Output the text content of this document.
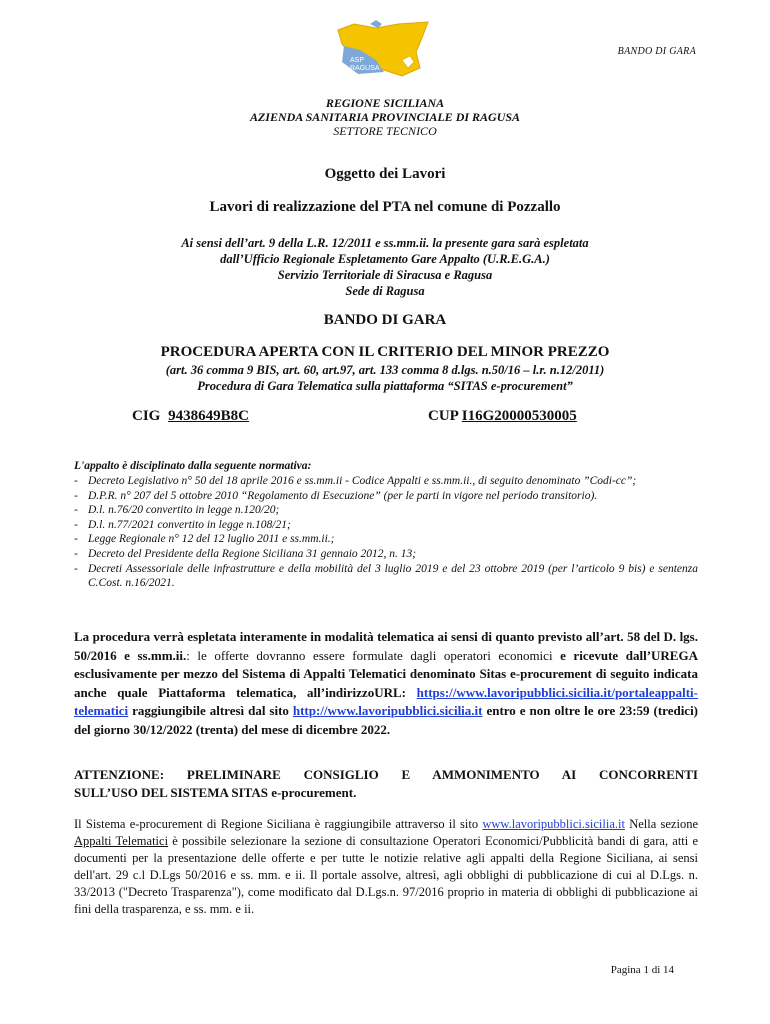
ASP
RAGUSA
BANDO DI GARA
REGIONE SICILIANA
AZIENDA SANITARIA PROVINCIALE DI RAGUSA
SETTORE TECNICO
Oggetto dei Lavori
Lavori di realizzazione del PTA nel comune di Pozzallo
Ai sensi dell’art. 9 della L.R. 12/2011 e ss.mm.ii. la presente gara sarà espletata
dall’Ufficio Regionale Espletamento Gare Appalto (U.R.E.G.A.)
Servizio Territoriale di Siracusa e Ragusa
Sede di Ragusa
BANDO DI GARA
PROCEDURA APERTA CON IL CRITERIO DEL MINOR PREZZO
(art. 36 comma 9 BIS, art. 60, art.97, art. 133 comma 8 d.lgs. n.50/16 – l.r. n.12/2011)
Procedura di Gara Telematica sulla piattaforma “SITAS e-procurement”
CIG 9438649B8C	CUP I16G20000530005
L'appalto è disciplinato dalla seguente normativa:
- Decreto Legislativo n° 50 del 18 aprile 2016 e ss.mm.ii - Codice Appalti e ss.mm.ii., di seguito denominato ”Codi-cc”;
- D.P.R. n° 207 del 5 ottobre 2010 “Regolamento di Esecuzione” (per le parti in vigore nel periodo transitorio).
- D.l. n.76/20 convertito in legge n.120/20;
- D.l. n.77/2021 convertito in legge n.108/21;
- Legge Regionale n° 12 del 12 luglio 2011 e ss.mm.ii.;
- Decreto del Presidente della Regione Siciliana 31 gennaio 2012, n. 13;
- Decreti Assessoriale delle infrastrutture e della mobilità del 3 luglio 2019 e del 23 ottobre 2019 (per l’articolo 9 bis) e sentenza C.Cost. n.16/2021.
La procedura verrà espletata interamente in modalità telematica ai sensi di quanto previsto all’art. 58 del D. lgs. 50/2016 e ss.mm.ii.: le offerte dovranno essere formulate dagli operatori economici e ricevute dall’UREGA esclusivamente per mezzo del Sistema di Appalti Telematici denominato Sitas e-procurement di seguito indicata anche quale Piattaforma telematica, all’indirizzoURL: https://www.lavoripubblici.sicilia.it/portaleappalti-telematici raggiungibile altresì dal sito http://www.lavoripubblici.sicilia.it entro e non oltre le ore 23:59 (tredici) del giorno 30/12/2022 (trenta) del mese di dicembre 2022.
ATTENZIONE: PRELIMINARE CONSIGLIO E AMMONIMENTO AI CONCORRENTI
SULL’USO DEL SISTEMA SITAS e-procurement.
Il Sistema e-procurement di Regione Siciliana è raggiungibile attraverso il sito www.lavoripubblici.sicilia.it Nella sezione Appalti Telematici è possibile selezionare la sezione di consultazione Operatori Economici/Pubblicità bandi di gara, atti e documenti per la presentazione delle offerte e per tutte le notizie relative agli appalti della Regione Siciliana, ai sensi dell'art. 29 c.l D.Lgs 50/2016 e ss. mm. e ii. Il portale assolve, altresì, agli obblighi di pubblicazione di cui al D.Lgs. n. 33/2013 ("Decreto Trasparenza"), come modificato dal D.Lgs.n. 97/2016 proprio in materia di obblighi di pubblicazione ai fini della trasparenza, e ss. mm. e ii.
Pagina 1 di 14
